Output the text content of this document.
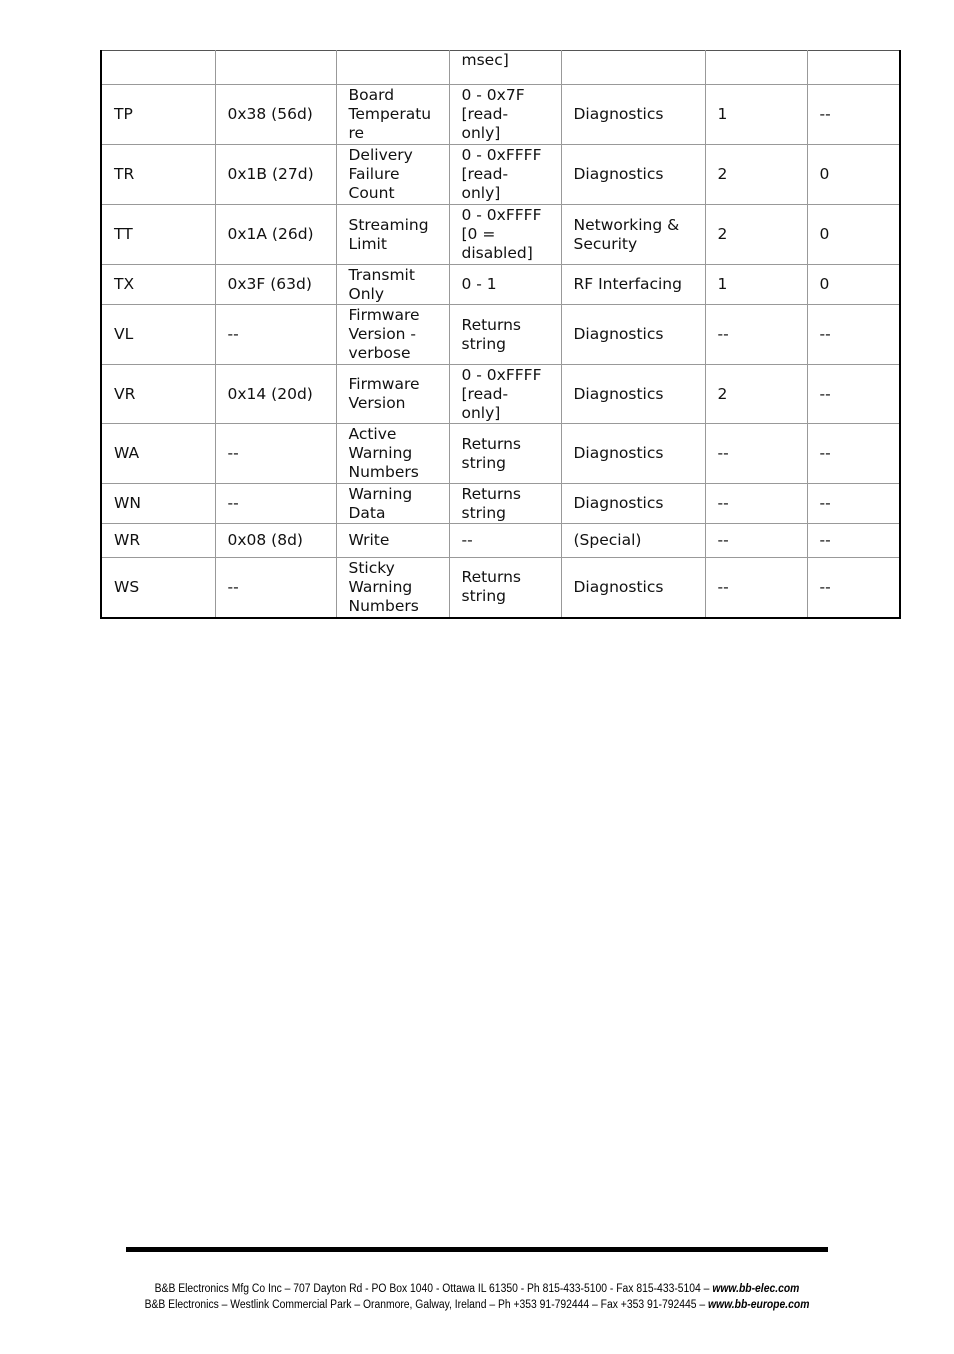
			msec]			
TP	0x38 (56d)	Board
Temperatu
re	0 - 0x7F
[read-
only]	Diagnostics	1	--
TR	0x1B (27d)	Delivery
Failure
Count	0 - 0xFFFF
[read-
only]	Diagnostics	2	0
TT	0x1A (26d)	Streaming
Limit	0 - 0xFFFF
[0 =
disabled]	Networking &
Security	2	0
TX	0x3F (63d)	Transmit
Only	0 - 1	RF Interfacing	1	0
VL	--	Firmware
Version -
verbose	Returns
string	Diagnostics	--	--
VR	0x14 (20d)	Firmware
Version	0 - 0xFFFF
[read-
only]	Diagnostics	2	--
WA	--	Active
Warning
Numbers	Returns
string	Diagnostics	--	--
WN	--	Warning
Data	Returns
string	Diagnostics	--	--
WR	0x08 (8d)	Write	--	(Special)	--	--
WS	--	Sticky
Warning
Numbers	Returns
string	Diagnostics	--	--
B&B Electronics Mfg Co Inc – 707 Dayton Rd - PO Box 1040 - Ottawa IL 61350 - Ph 815-433-5100 - Fax 815-433-5104 – www.bb-elec.com
B&B Electronics – Westlink Commercial Park – Oranmore, Galway, Ireland – Ph +353 91-792444 – Fax +353 91-792445 – www.bb-europe.com
